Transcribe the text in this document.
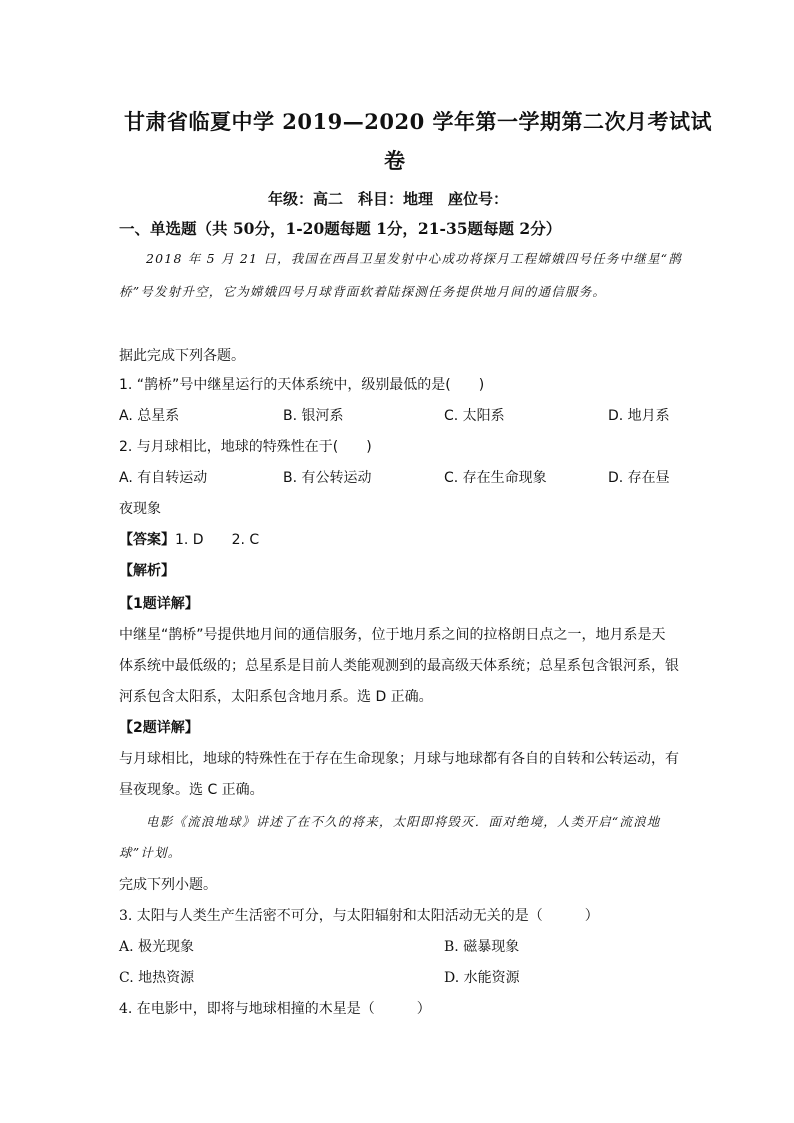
甘肃省临夏中学 2019—2020 学年第一学期第二次月考试试
卷
年级：高二　科目：地理　座位号：
一、单选题（共 50分，1-20题每题 1分，21-35题每题 2分）
2018 年 5 月 21 日，我国在西昌卫星发射中心成功将探月工程嫦娥四号任务中继星“鹊
桥”号发射升空，它为嫦娥四号月球背面软着陆探测任务提供地月间的通信服务。
据此完成下列各题。
1. “鹊桥”号中继星运行的天体系统中，级别最低的是(　　)
A. 总星系	B. 银河系	C. 太阳系	D. 地月系
2. 与月球相比，地球的特殊性在于(　　)
A. 有自转运动	B. 有公转运动	C. 存在生命现象	D. 存在昼
夜现象
【答案】1. D 2. C
【解析】
【1题详解】
中继星“鹊桥”号提供地月间的通信服务，位于地月系之间的拉格朗日点之一，地月系是天
体系统中最低级的；总星系是目前人类能观测到的最高级天体系统；总星系包含银河系，银
河系包含太阳系，太阳系包含地月系。选 D 正确。
【2题详解】
与月球相比，地球的特殊性在于存在生命现象；月球与地球都有各自的自转和公转运动，有
昼夜现象。选 C 正确。
电影《流浪地球》讲述了在不久的将来，太阳即将毁灭．面对绝境，人类开启“流浪地
球”计划。
完成下列小题。
3. 太阳与人类生产生活密不可分，与太阳辐射和太阳活动无关的是（　　　）
A. 极光现象	B. 磁暴现象
C. 地热资源	D. 水能资源
4. 在电影中，即将与地球相撞的木星是（　　　）
